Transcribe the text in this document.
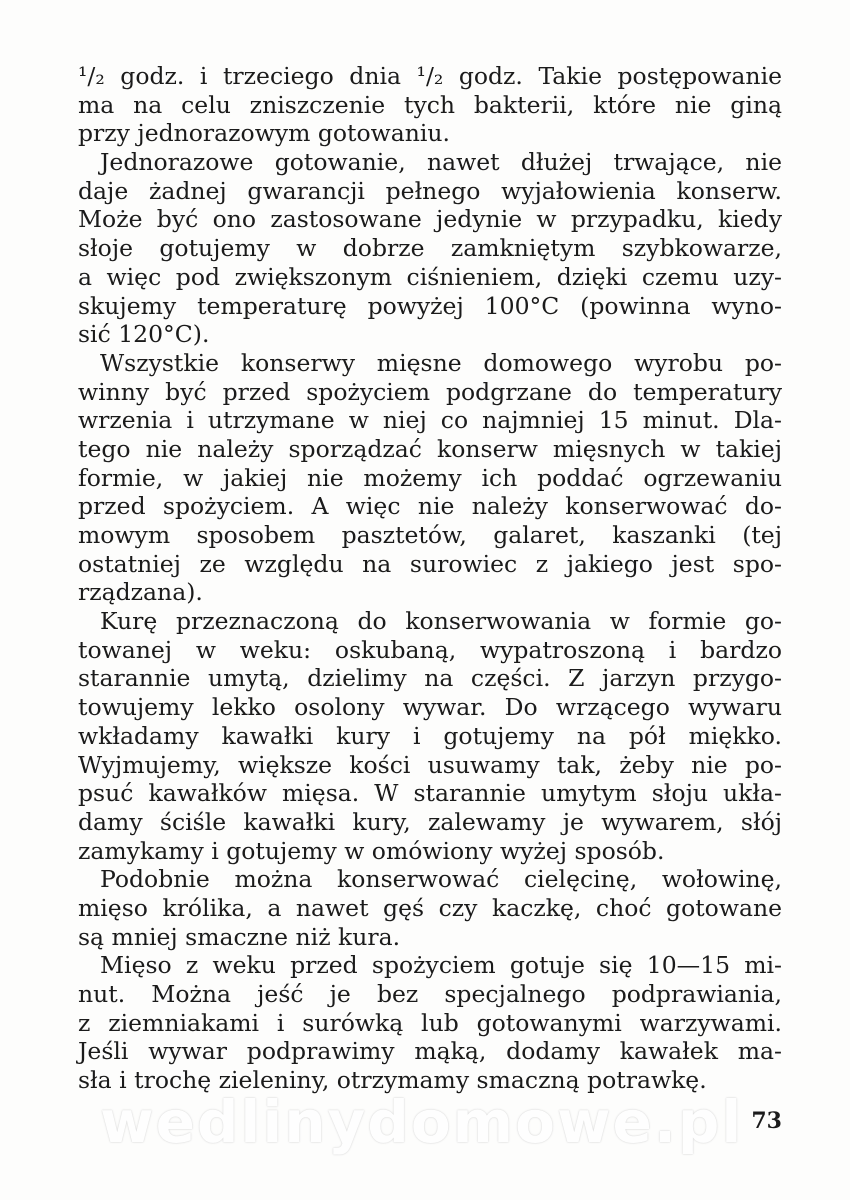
¹/₂ godz. i trzeciego dnia ¹/₂ godz. Takie postępowanie
ma na celu zniszczenie tych bakterii, które nie giną
przy jednorazowym gotowaniu.
Jednorazowe gotowanie, nawet dłużej trwające, nie
daje żadnej gwarancji pełnego wyjałowienia konserw.
Może być ono zastosowane jedynie w przypadku, kiedy
słoje gotujemy w dobrze zamkniętym szybkowarze,
a więc pod zwiększonym ciśnieniem, dzięki czemu uzy-
skujemy temperaturę powyżej 100°C (powinna wyno-
sić 120°C).
Wszystkie konserwy mięsne domowego wyrobu po-
winny być przed spożyciem podgrzane do temperatury
wrzenia i utrzymane w niej co najmniej 15 minut. Dla-
tego nie należy sporządzać konserw mięsnych w takiej
formie, w jakiej nie możemy ich poddać ogrzewaniu
przed spożyciem. A więc nie należy konserwować do-
mowym sposobem pasztetów, galaret, kaszanki (tej
ostatniej ze względu na surowiec z jakiego jest spo-
rządzana).
Kurę przeznaczoną do konserwowania w formie go-
towanej w weku: oskubaną, wypatroszoną i bardzo
starannie umytą, dzielimy na części. Z jarzyn przygo-
towujemy lekko osolony wywar. Do wrzącego wywaru
wkładamy kawałki kury i gotujemy na pół miękko.
Wyjmujemy, większe kości usuwamy tak, żeby nie po-
psuć kawałków mięsa. W starannie umytym słoju ukła-
damy ściśle kawałki kury, zalewamy je wywarem, słój
zamykamy i gotujemy w omówiony wyżej sposób.
Podobnie można konserwować cielęcinę, wołowinę,
mięso królika, a nawet gęś czy kaczkę, choć gotowane
są mniej smaczne niż kura.
Mięso z weku przed spożyciem gotuje się 10—15 mi-
nut. Można jeść je bez specjalnego podprawiania,
z ziemniakami i surówką lub gotowanymi warzywami.
Jeśli wywar podprawimy mąką, dodamy kawałek ma-
sła i trochę zieleniny, otrzymamy smaczną potrawkę.
wedlinydomowe.pl 73
